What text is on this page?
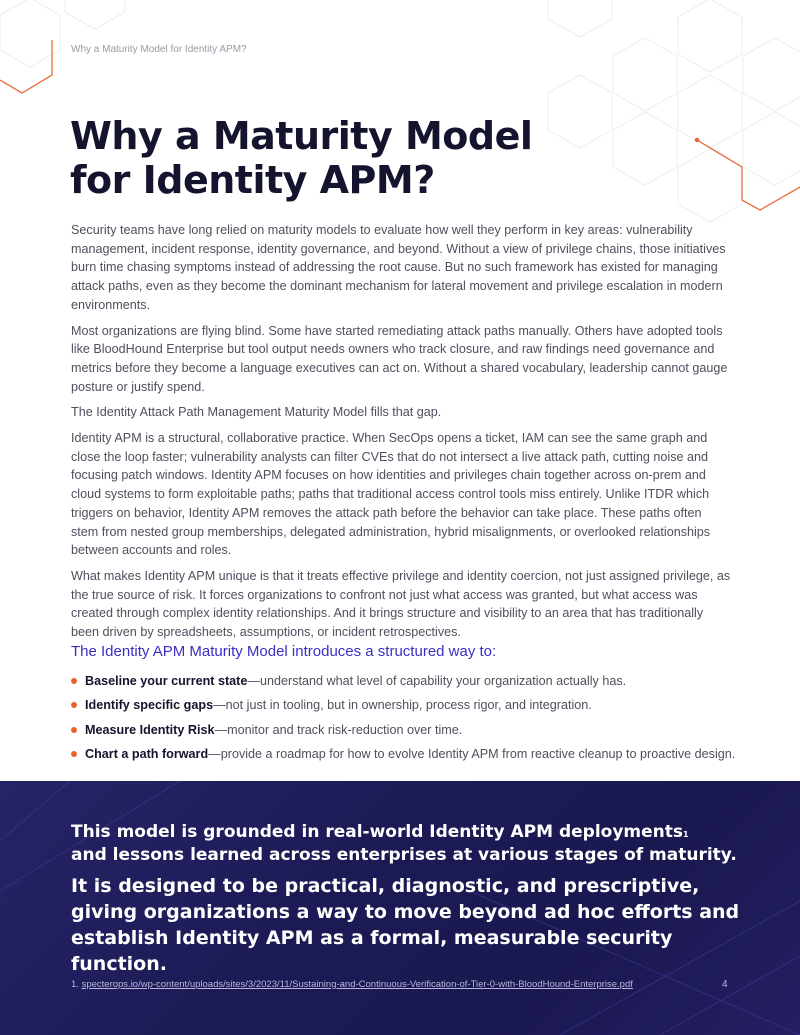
Why a Maturity Model for Identity APM?
Why a Maturity Model
for Identity APM?

Security teams have long relied on maturity models to evaluate how well they perform in key areas: vulnerability management, incident response, identity governance, and beyond. Without a view of privilege chains, those initiatives burn time chasing symptoms instead of addressing the root cause. But no such framework has existed for managing attack paths, even as they become the dominant mechanism for lateral movement and privilege escalation in modern environments.

Most organizations are flying blind. Some have started remediating attack paths manually. Others have adopted tools like BloodHound Enterprise but tool output needs owners who track closure, and raw findings need governance and metrics before they become a language executives can act on. Without a shared vocabulary, leadership cannot gauge posture or justify spend.

The Identity Attack Path Management Maturity Model fills that gap.

Identity APM is a structural, collaborative practice. When SecOps opens a ticket, IAM can see the same graph and close the loop faster; vulnerability analysts can filter CVEs that do not intersect a live attack path, cutting noise and focusing patch windows. Identity APM focuses on how identities and privileges chain together across on-prem and cloud systems to form exploitable paths; paths that traditional access control tools miss entirely. Unlike ITDR which triggers on behavior, Identity APM removes the attack path before the behavior can take place. These paths often stem from nested group memberships, delegated administration, hybrid misalignments, or overlooked relationships between accounts and roles.

What makes Identity APM unique is that it treats effective privilege and identity coercion, not just assigned privilege, as the true source of risk. It forces organizations to confront not just what access was granted, but what access was created through complex identity relationships. And it brings structure and visibility to an area that has traditionally been driven by spreadsheets, assumptions, or incident retrospectives.

The Identity APM Maturity Model introduces a structured way to:
Baseline your current state—understand what level of capability your organization actually has.
Identify specific gaps—not just in tooling, but in ownership, process rigor, and integration.
Measure Identity Risk—monitor and track risk-reduction over time.
Chart a path forward—provide a roadmap for how to evolve Identity APM from reactive cleanup to proactive design.

This model is grounded in real-world Identity APM deployments$^1$
and lessons learned across enterprises at various stages of maturity.

It is designed to be practical, diagnostic, and prescriptive, giving organizations a way to move beyond ad hoc efforts and establish Identity APM as a formal, measurable security function.

1. specterops.io/wp-content/uploads/sites/3/2023/11/Sustaining-and-Continuous-Verification-of-Tier-0-with-BloodHound-Enterprise.pdf	4
